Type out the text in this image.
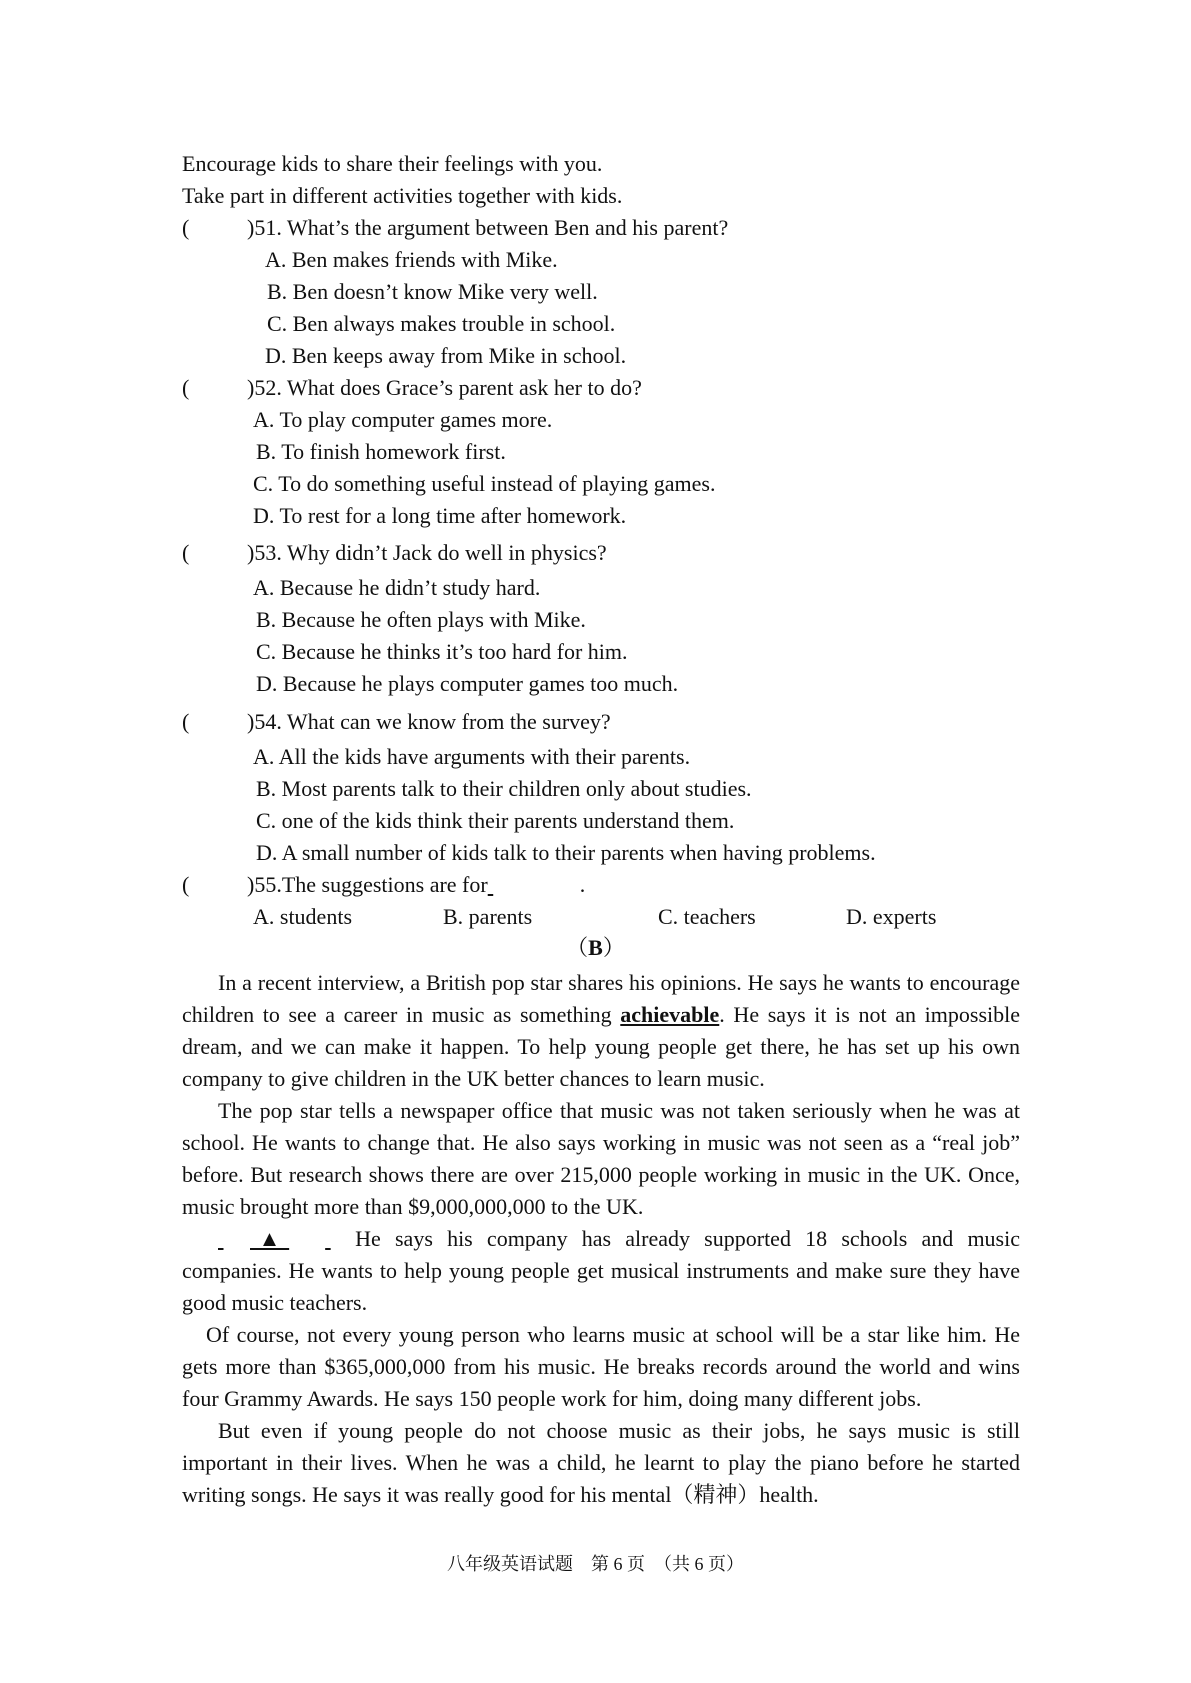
Encourage kids to share their feelings with you.
Take part in different activities together with kids.
(	)51. What’s the argument between Ben and his parent?
A. Ben makes friends with Mike.
B. Ben doesn’t know Mike very well.
C. Ben always makes trouble in school.
D. Ben keeps away from Mike in school.
(	)52. What does Grace’s parent ask her to do?
A. To play computer games more.
B. To finish homework first.
C. To do something useful instead of playing games.
D. To rest for a long time after homework.
(	)53. Why didn’t Jack do well in physics?
A. Because he didn’t study hard.
B. Because he often plays with Mike.
C. Because he thinks it’s too hard for him.
D. Because he plays computer games too much.
(	)54. What can we know from the survey?
A. All the kids have arguments with their parents.
B. Most parents talk to their children only about studies.
C. one of the kids think their parents understand them.
D. A small number of kids talk to their parents when having problems.
(	)55.The suggestions are for	.
A. students	B. parents	C. teachers	D. experts
（B）

In a recent interview, a British pop star shares his opinions. He says he wants to encourage children to see a career in music as something achievable. He says it is not an impossible dream, and we can make it happen. To help young people get there, he has set up his own company to give children in the UK better chances to learn music.

The pop star tells a newspaper office that music was not taken seriously when he was at school. He wants to change that. He also says working in music was not seen as a “real job” before. But research shows there are over 215,000 people working in music in the UK. Once, music brought more than $9,000,000,000 to the UK.

▲	He says his company has already supported 18 schools and music companies. He wants to help young people get musical instruments and make sure they have good music teachers.

Of course, not every young person who learns music at school will be a star like him. He gets more than $365,000,000 from his music. He breaks records around the world and wins four Grammy Awards. He says 150 people work for him, doing many different jobs.

But even if young people do not choose music as their jobs, he says music is still important in their lives. When he was a child, he learnt to play the piano before he started writing songs. He says it was really good for his mental（精神）health.

八年级英语试题　第 6 页　（共 6 页）
